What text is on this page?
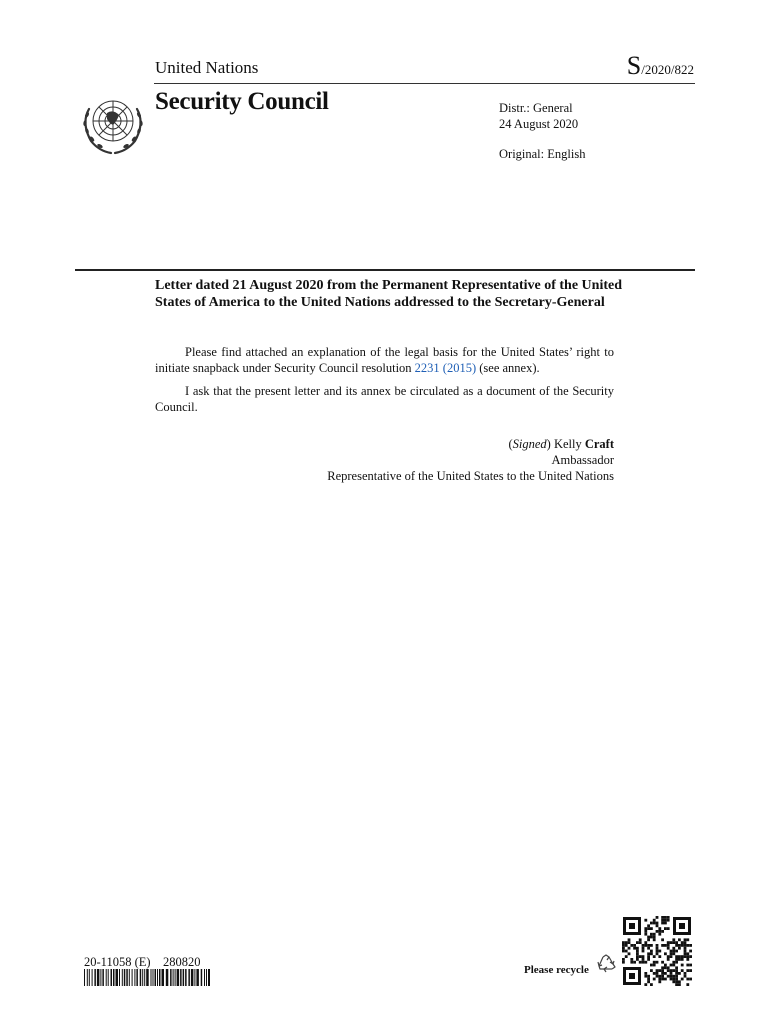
United Nations	S/2020/822
Security Council	Distr.: General
24 August 2020
Original: English
Letter dated 21 August 2020 from the Permanent Representative of the United States of America to the United Nations addressed to the Secretary-General

Please find attached an explanation of the legal basis for the United States’ right to initiate snapback under Security Council resolution 2231 (2015) (see annex).

I ask that the present letter and its annex be circulated as a document of the Security Council.

(Signed) Kelly Craft
Ambassador
Representative of the United States to the United Nations
20-11058 (E)    280820
Please recycle
